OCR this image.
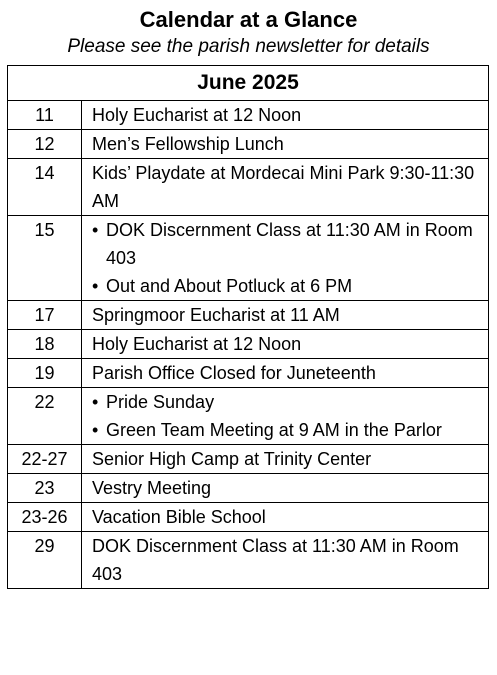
Calendar at a Glance
Please see the parish newsletter for details
June 2025
11	Holy Eucharist at 12 Noon
12	Men’s Fellowship Lunch
14	Kids’ Playdate at Mordecai Mini Park 9:30-11:30 AM
15	• DOK Discernment Class at 11:30 AM in Room 403
• Out and About Potluck at 6 PM
17	Springmoor Eucharist at 11 AM
18	Holy Eucharist at 12 Noon
19	Parish Office Closed for Juneteenth
22	• Pride Sunday
• Green Team Meeting at 9 AM in the Parlor
22-27	Senior High Camp at Trinity Center
23	Vestry Meeting
23-26	Vacation Bible School
29	DOK Discernment Class at 11:30 AM in Room 403
